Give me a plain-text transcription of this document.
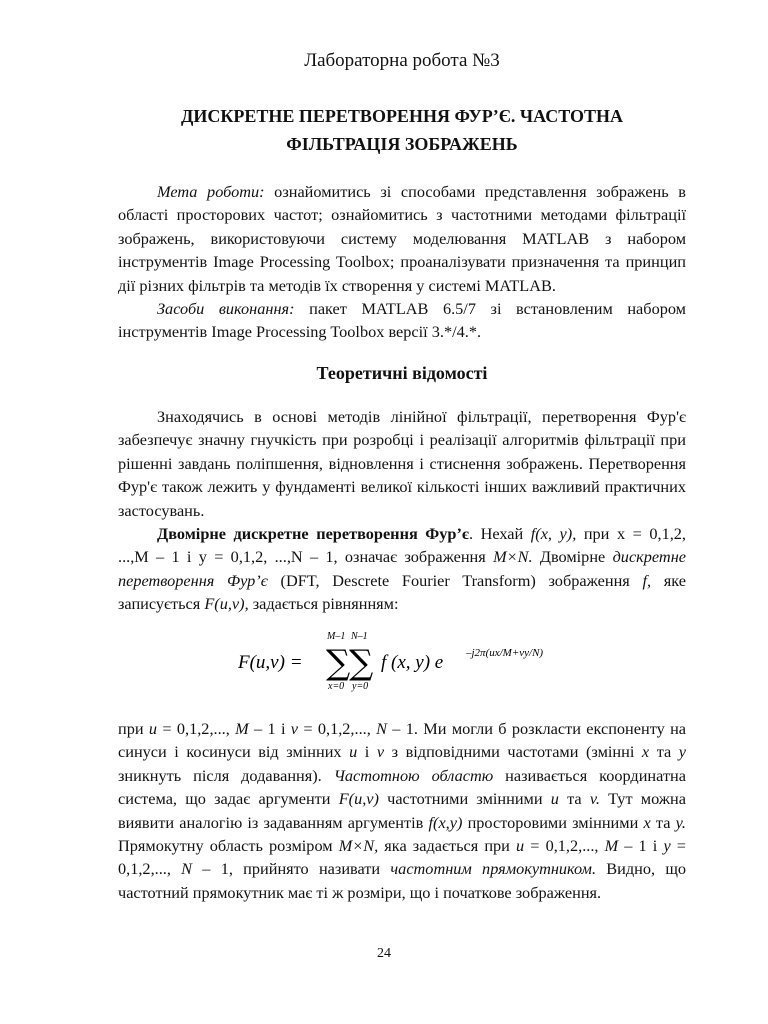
Лабораторна робота №3
ДИСКРЕТНЕ ПЕРЕТВОРЕННЯ ФУР’Є. ЧАСТОТНА
ФІЛЬТРАЦІЯ ЗОБРАЖЕНЬ

Мета роботи: ознайомитись зі способами представлення зображень в області просторових частот; ознайомитись з частотними методами фільтрації зображень, використовуючи систему моделювання MATLAB з набором інструментів Image Processing Toolbox; проаналізувати призначення та принцип дії різних фільтрів та методів їх створення у системі MATLAB.

Засоби виконання: пакет MATLAB 6.5/7 зі встановленим набором інструментів Image Processing Toolbox версії 3.*/4.*.

Теоретичні відомості

Знаходячись в основі методів лінійної фільтрації, перетворення Фур'є забезпечує значну гнучкість при розробці і реалізації алгоритмів фільтрації при рішенні завдань поліпшення, відновлення і стиснення зображень. Перетворення Фур'є також лежить у фундаменті великої кількості інших важливий практичних застосувань.

Двомірне дискретне перетворення Фур’є. Нехай f(x, y), при x = 0,1,2, ...,M – 1 і y = 0,1,2, ...,N – 1, означає зображення M×N. Двомірне дискретне перетворення Фур’є (DFT, Descrete Fourier Transform) зображення f, яке записується F(u,v), задається рівнянням:

F(u,v) =
M–1 N–1
∑
∑
x=0 y=0
f (x, y) e –j2π(ux/M+vy/N)

при u = 0,1,2,..., M – 1 і v = 0,1,2,..., N – 1. Ми могли б розкласти експоненту на синуси і косинуси від змінних u і v з відповідними частотами (змінні x та y зникнуть після додавання). Частотною областю називається координатна система, що задає аргументи F(u,v) частотними змінними u та v. Тут можна виявити аналогію із задаванням аргументів f(x,y) просторовими змінними x та y. Прямокутну область розміром M×N, яка задається при u = 0,1,2,..., M – 1 і y = 0,1,2,..., N – 1, прийнято називати частотним прямокутником. Видно, що частотний прямокутник має ті ж розміри, що і початкове зображення.

24
